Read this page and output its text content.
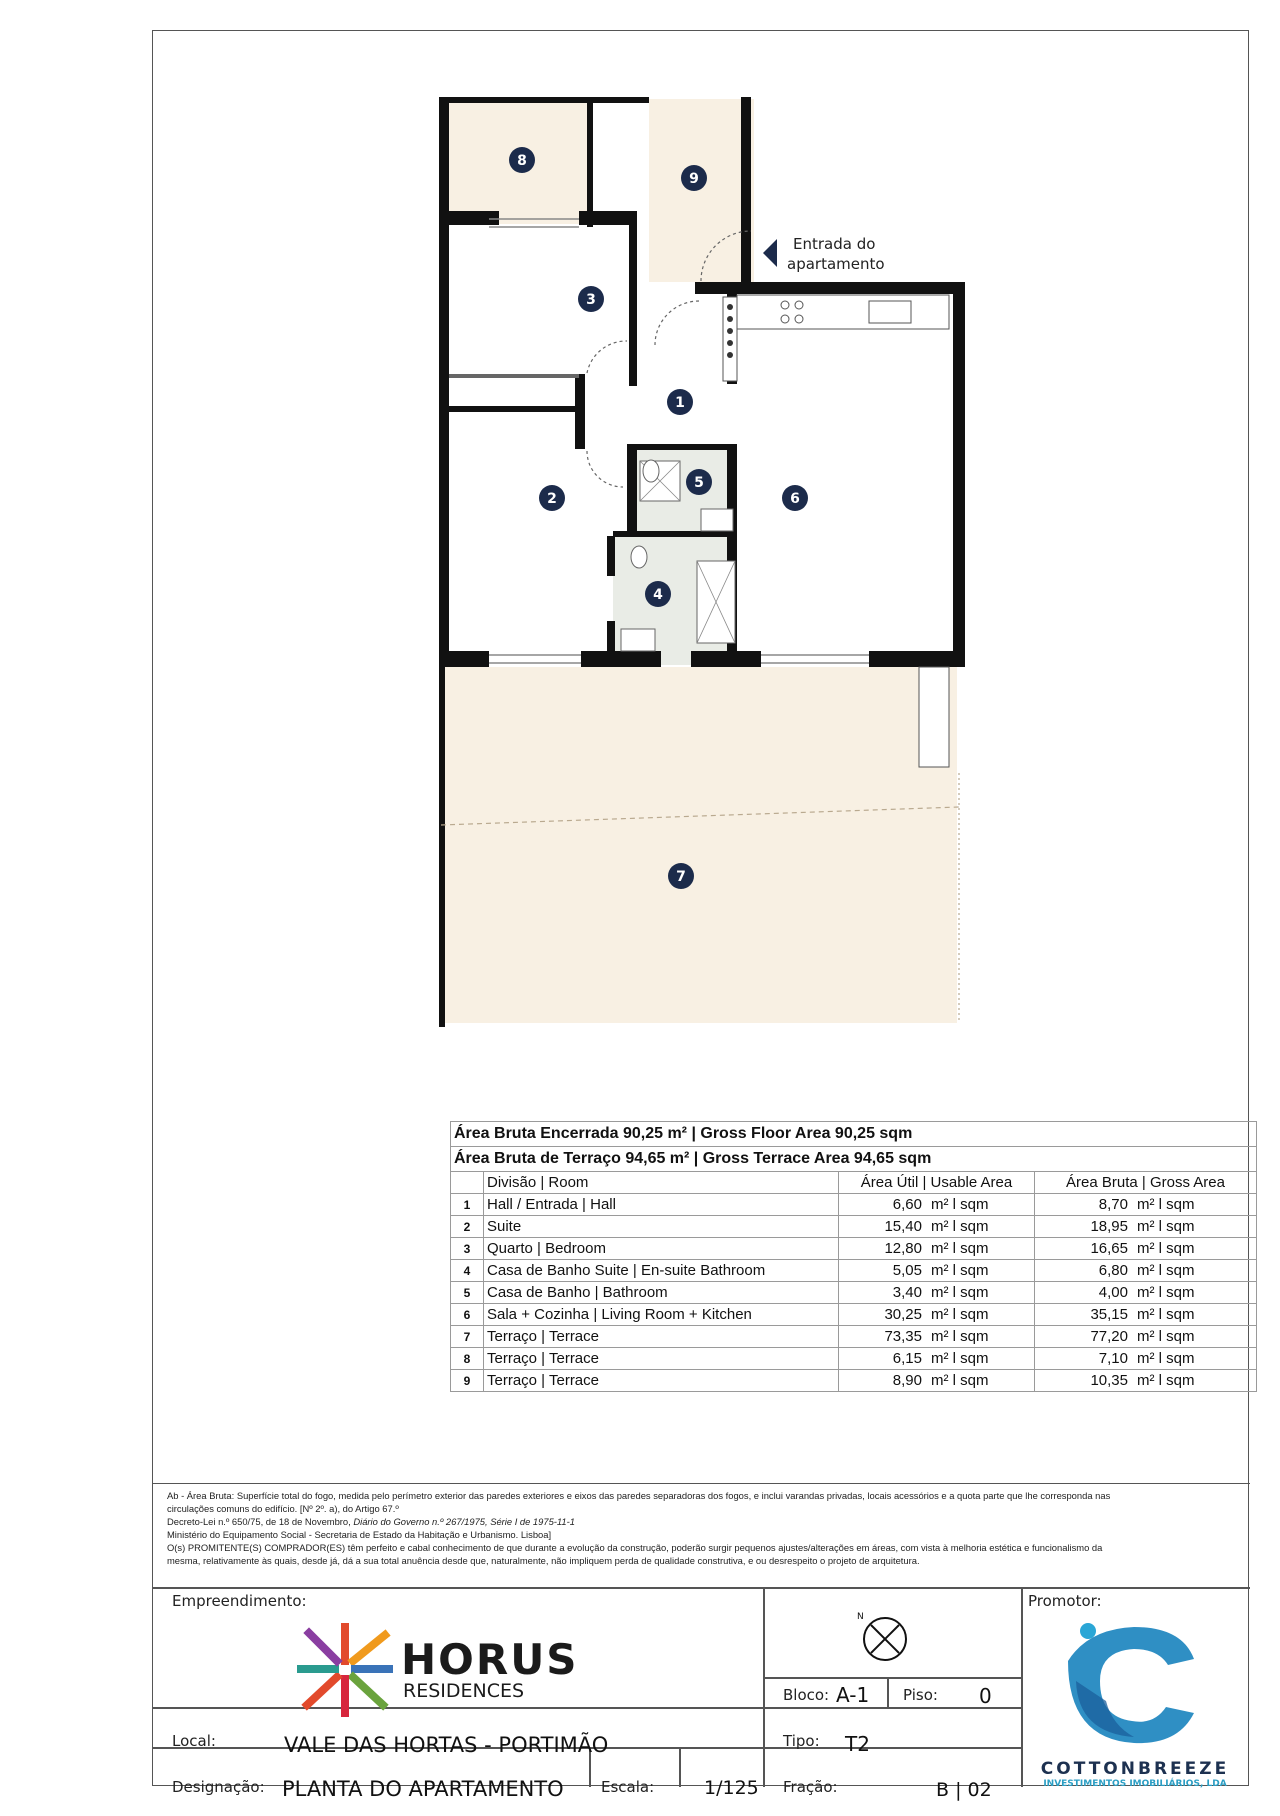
Entrada do
apartamento
1
2
3
4
5
6
7
8
9
Área Bruta Encerrada 90,25 m² | Gross Floor Area 90,25 sqm					
Área Bruta de Terraço 94,65 m² | Gross Terrace Area 94,65 sqm					
	Divisão | Room	Área Útil | Usable Area		Área Bruta | Gross Area	
1	Hall / Entrada | Hall	6,60	m² l sqm	8,70	m² l sqm
2	Suite	15,40	m² l sqm	18,95	m² l sqm
3	Quarto | Bedroom	12,80	m² l sqm	16,65	m² l sqm
4	Casa de Banho Suite | En-suite Bathroom	5,05	m² l sqm	6,80	m² l sqm
5	Casa de Banho | Bathroom	3,40	m² l sqm	4,00	m² l sqm
6	Sala + Cozinha | Living Room + Kitchen	30,25	m² l sqm	35,15	m² l sqm
7	Terraço | Terrace	73,35	m² l sqm	77,20	m² l sqm
8	Terraço | Terrace	6,15	m² l sqm	7,10	m² l sqm
9	Terraço | Terrace	8,90	m² l sqm	10,35	m² l sqm

Ab - Área Bruta: Superfície total do fogo, medida pelo perímetro exterior das paredes exteriores e eixos das paredes separadoras dos fogos, e inclui varandas privadas, locais acessórios e a quota parte que lhe corresponda nas

circulações comuns do edifício. [Nº 2º. a), do Artigo 67.º

Decreto-Lei n.º 650/75, de 18 de Novembro, Diário do Governo n.º 267/1975, Série I de 1975-11-1

Ministério do Equipamento Social - Secretaria de Estado da Habitação e Urbanismo. Lisboa]

O(s) PROMITENTE(S) COMPRADOR(ES) têm perfeito e cabal conhecimento de que durante a evolução da construção, poderão surgir pequenos ajustes/alterações em áreas, com vista à melhoria estética e funcionalismo da

mesma, relativamente às quais, desde já, dá a sua total anuência desde que, naturalmente, não impliquem perda de qualidade construtiva, e ou desrespeito o projeto de arquitetura.

Empreendimento:
HORUS
RESIDENCES
N
Bloco: A-1 Piso: 0
Local:	VALE DAS HORTAS - PORTIMÃO	Tipo: T2
Designação: PLANTA DO APARTAMENTO Escala:	1/125 Fração:	B | 02
Promotor:
COTTONBREEZE
INVESTIMENTOS IMOBILIÁRIOS, LDA
